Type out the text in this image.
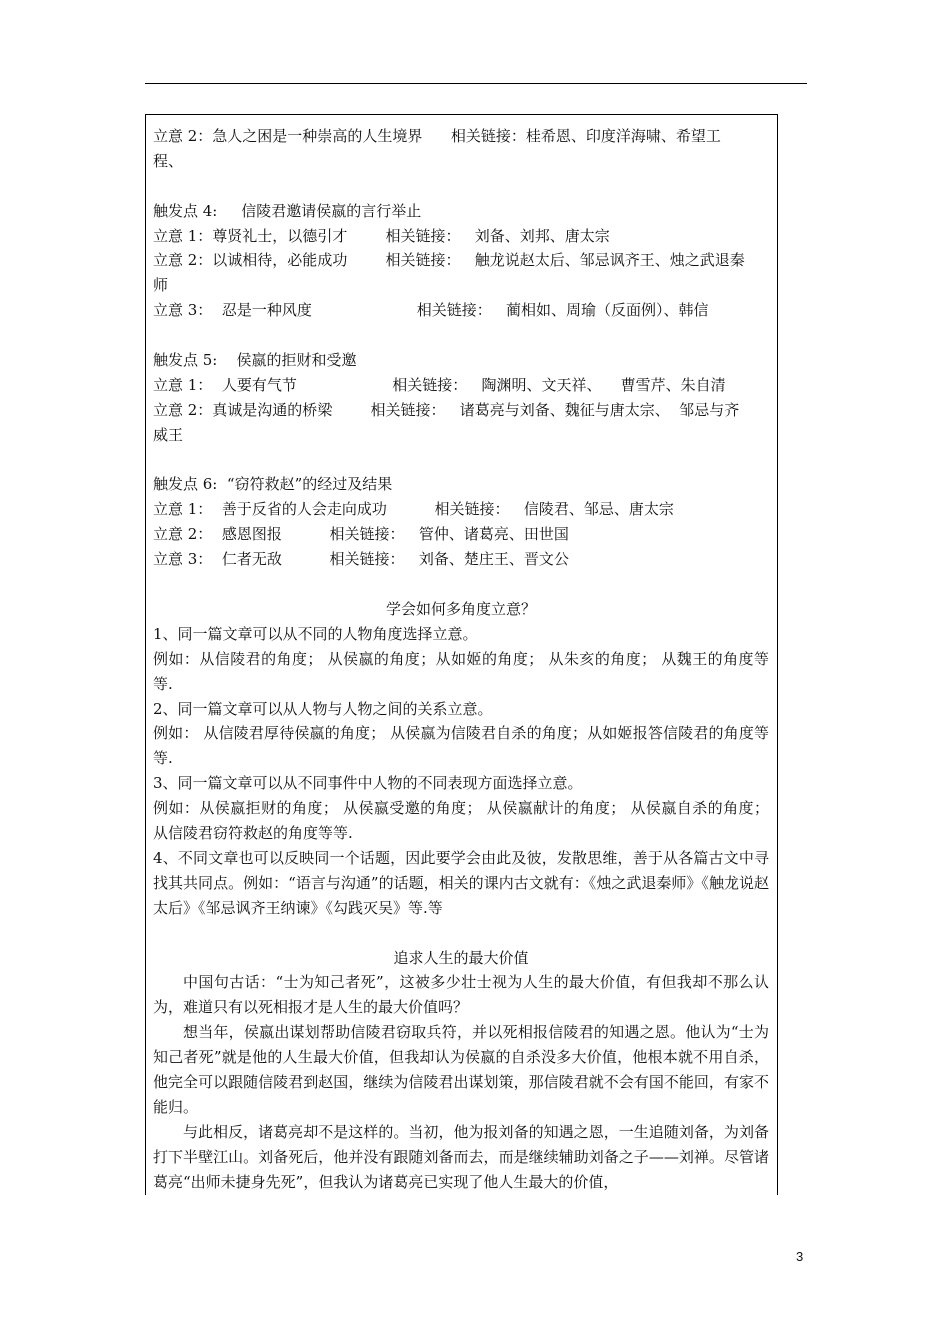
立意 2：急人之困是一种崇高的人生境界      相关链接：桂希恩、印度洋海啸、希望工
程、
触发点 4:     信陵君邀请侯嬴的言行举止
立意 1：尊贤礼士，以德引才        相关链接：   刘备、刘邦、唐太宗
立意 2：以诚相待，必能成功        相关链接：   触龙说赵太后、邹忌讽齐王、烛之武退秦
师
立意 3：  忍是一种风度                      相关链接：   蔺相如、周瑜（反面例）、韩信
触发点 5:    侯嬴的拒财和受邀
立意 1：  人要有气节                    相关链接：   陶渊明、文天祥、    曹雪芹、朱自清
立意 2：真诚是沟通的桥梁        相关链接：   诸葛亮与刘备、魏征与唐太宗、  邹忌与齐
威王
触发点 6:  “窃符救赵”的经过及结果
立意 1：  善于反省的人会走向成功          相关链接：   信陵君、邹忌、唐太宗
立意 2：  感恩图报          相关链接：   管仲、诸葛亮、田世国
立意 3：  仁者无敌          相关链接：   刘备、楚庄王、晋文公
学会如何多角度立意？
1、同一篇文章可以从不同的人物角度选择立意。
例如：从信陵君的角度； 从侯嬴的角度；从如姬的角度； 从朱亥的角度； 从魏王的角度等等.
2、同一篇文章可以从人物与人物之间的关系立意。
例如： 从信陵君厚待侯嬴的角度； 从侯嬴为信陵君自杀的角度；从如姬报答信陵君的角度等等.
3、同一篇文章可以从不同事件中人物的不同表现方面选择立意。
例如：从侯嬴拒财的角度； 从侯嬴受邀的角度； 从侯嬴献计的角度； 从侯嬴自杀的角度； 从信陵君窃符救赵的角度等等.
4、不同文章也可以反映同一个话题，因此要学会由此及彼，发散思维，善于从各篇古文中寻找其共同点。例如：“语言与沟通”的话题，相关的课内古文就有：《烛之武退秦师》《触龙说赵太后》《邹忌讽齐王纳谏》《勾践灭吴》等.等
追求人生的最大价值
中国句古话：“士为知己者死”，这被多少壮士视为人生的最大价值，有但我却不那么认为，难道只有以死相报才是人生的最大价值吗？
想当年，侯嬴出谋划帮助信陵君窃取兵符，并以死相报信陵君的知遇之恩。他认为“士为知己者死”就是他的人生最大价值，但我却认为侯嬴的自杀没多大价值，他根本就不用自杀，他完全可以跟随信陵君到赵国，继续为信陵君出谋划策，那信陵君就不会有国不能回，有家不能归。
与此相反，诸葛亮却不是这样的。当初，他为报刘备的知遇之恩，一生追随刘备，为刘备打下半壁江山。刘备死后，他并没有跟随刘备而去，而是继续辅助刘备之子——刘禅。尽管诸葛亮“出师未捷身先死”，但我认为诸葛亮已实现了他人生最大的价值，
3
